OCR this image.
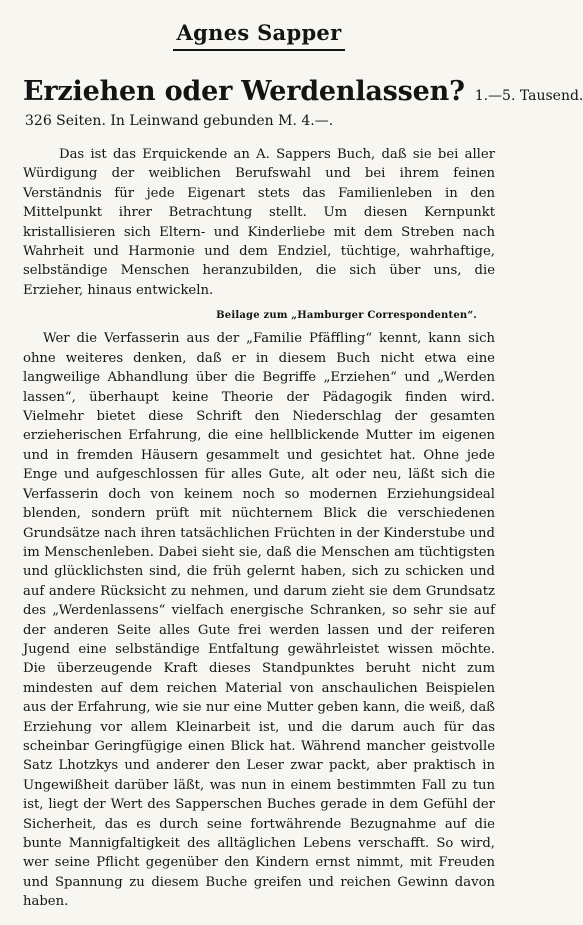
Agnes Sapper
Erziehen oder Werdenlassen? 1.—5. Tausend.
326 Seiten. In Leinwand gebunden M. 4.—.

Das ist das Erquickende an A. Sappers Buch, daß sie bei aller Würdigung der weiblichen Berufswahl und bei ihrem feinen Verständnis für jede Eigenart stets das Familienleben in den Mittelpunkt ihrer Betrachtung stellt. Um diesen Kernpunkt kristallisieren sich Eltern- und Kinderliebe mit dem Streben nach Wahrheit und Harmonie und dem Endziel, tüchtige, wahrhaftige, selbständige Menschen heranzubilden, die sich über uns, die Erzieher, hinaus entwickeln.

Beilage zum „Hamburger Correspondenten“.

Wer die Verfasserin aus der „Familie Pfäffling“ kennt, kann sich ohne weiteres denken, daß er in diesem Buch nicht etwa eine langweilige Abhandlung über die Begriffe „Erziehen“ und „Werden lassen“, überhaupt keine Theorie der Pädagogik finden wird. Vielmehr bietet diese Schrift den Niederschlag der gesamten erzieherischen Erfahrung, die eine hellblickende Mutter im eigenen und in fremden Häusern gesammelt und gesichtet hat. Ohne jede Enge und aufgeschlossen für alles Gute, alt oder neu, läßt sich die Verfasserin doch von keinem noch so modernen Erziehungsideal blenden, sondern prüft mit nüchternem Blick die verschiedenen Grundsätze nach ihren tatsächlichen Früchten in der Kinderstube und im Menschenleben. Dabei sieht sie, daß die Menschen am tüchtigsten und glücklichsten sind, die früh gelernt haben, sich zu schicken und auf andere Rücksicht zu nehmen, und darum zieht sie dem Grundsatz des „Werdenlassens“ vielfach energische Schranken, so sehr sie auf der anderen Seite alles Gute frei werden lassen und der reiferen Jugend eine selbständige Entfaltung gewährleistet wissen möchte. Die überzeugende Kraft dieses Standpunktes beruht nicht zum mindesten auf dem reichen Material von anschaulichen Beispielen aus der Erfahrung, wie sie nur eine Mutter geben kann, die weiß, daß Erziehung vor allem Kleinarbeit ist, und die darum auch für das scheinbar Geringfügige einen Blick hat. Während mancher geistvolle Satz Lhotzkys und anderer den Leser zwar packt, aber praktisch in Ungewißheit darüber läßt, was nun in einem bestimmten Fall zu tun ist, liegt der Wert des Sapperschen Buches gerade in dem Gefühl der Sicherheit, das es durch seine fortwährende Bezugnahme auf die bunte Mannigfaltigkeit des alltäglichen Lebens verschafft. So wird, wer seine Pflicht gegenüber den Kindern ernst nimmt, mit Freuden und Spannung zu diesem Buche greifen und reichen Gewinn davon haben.
